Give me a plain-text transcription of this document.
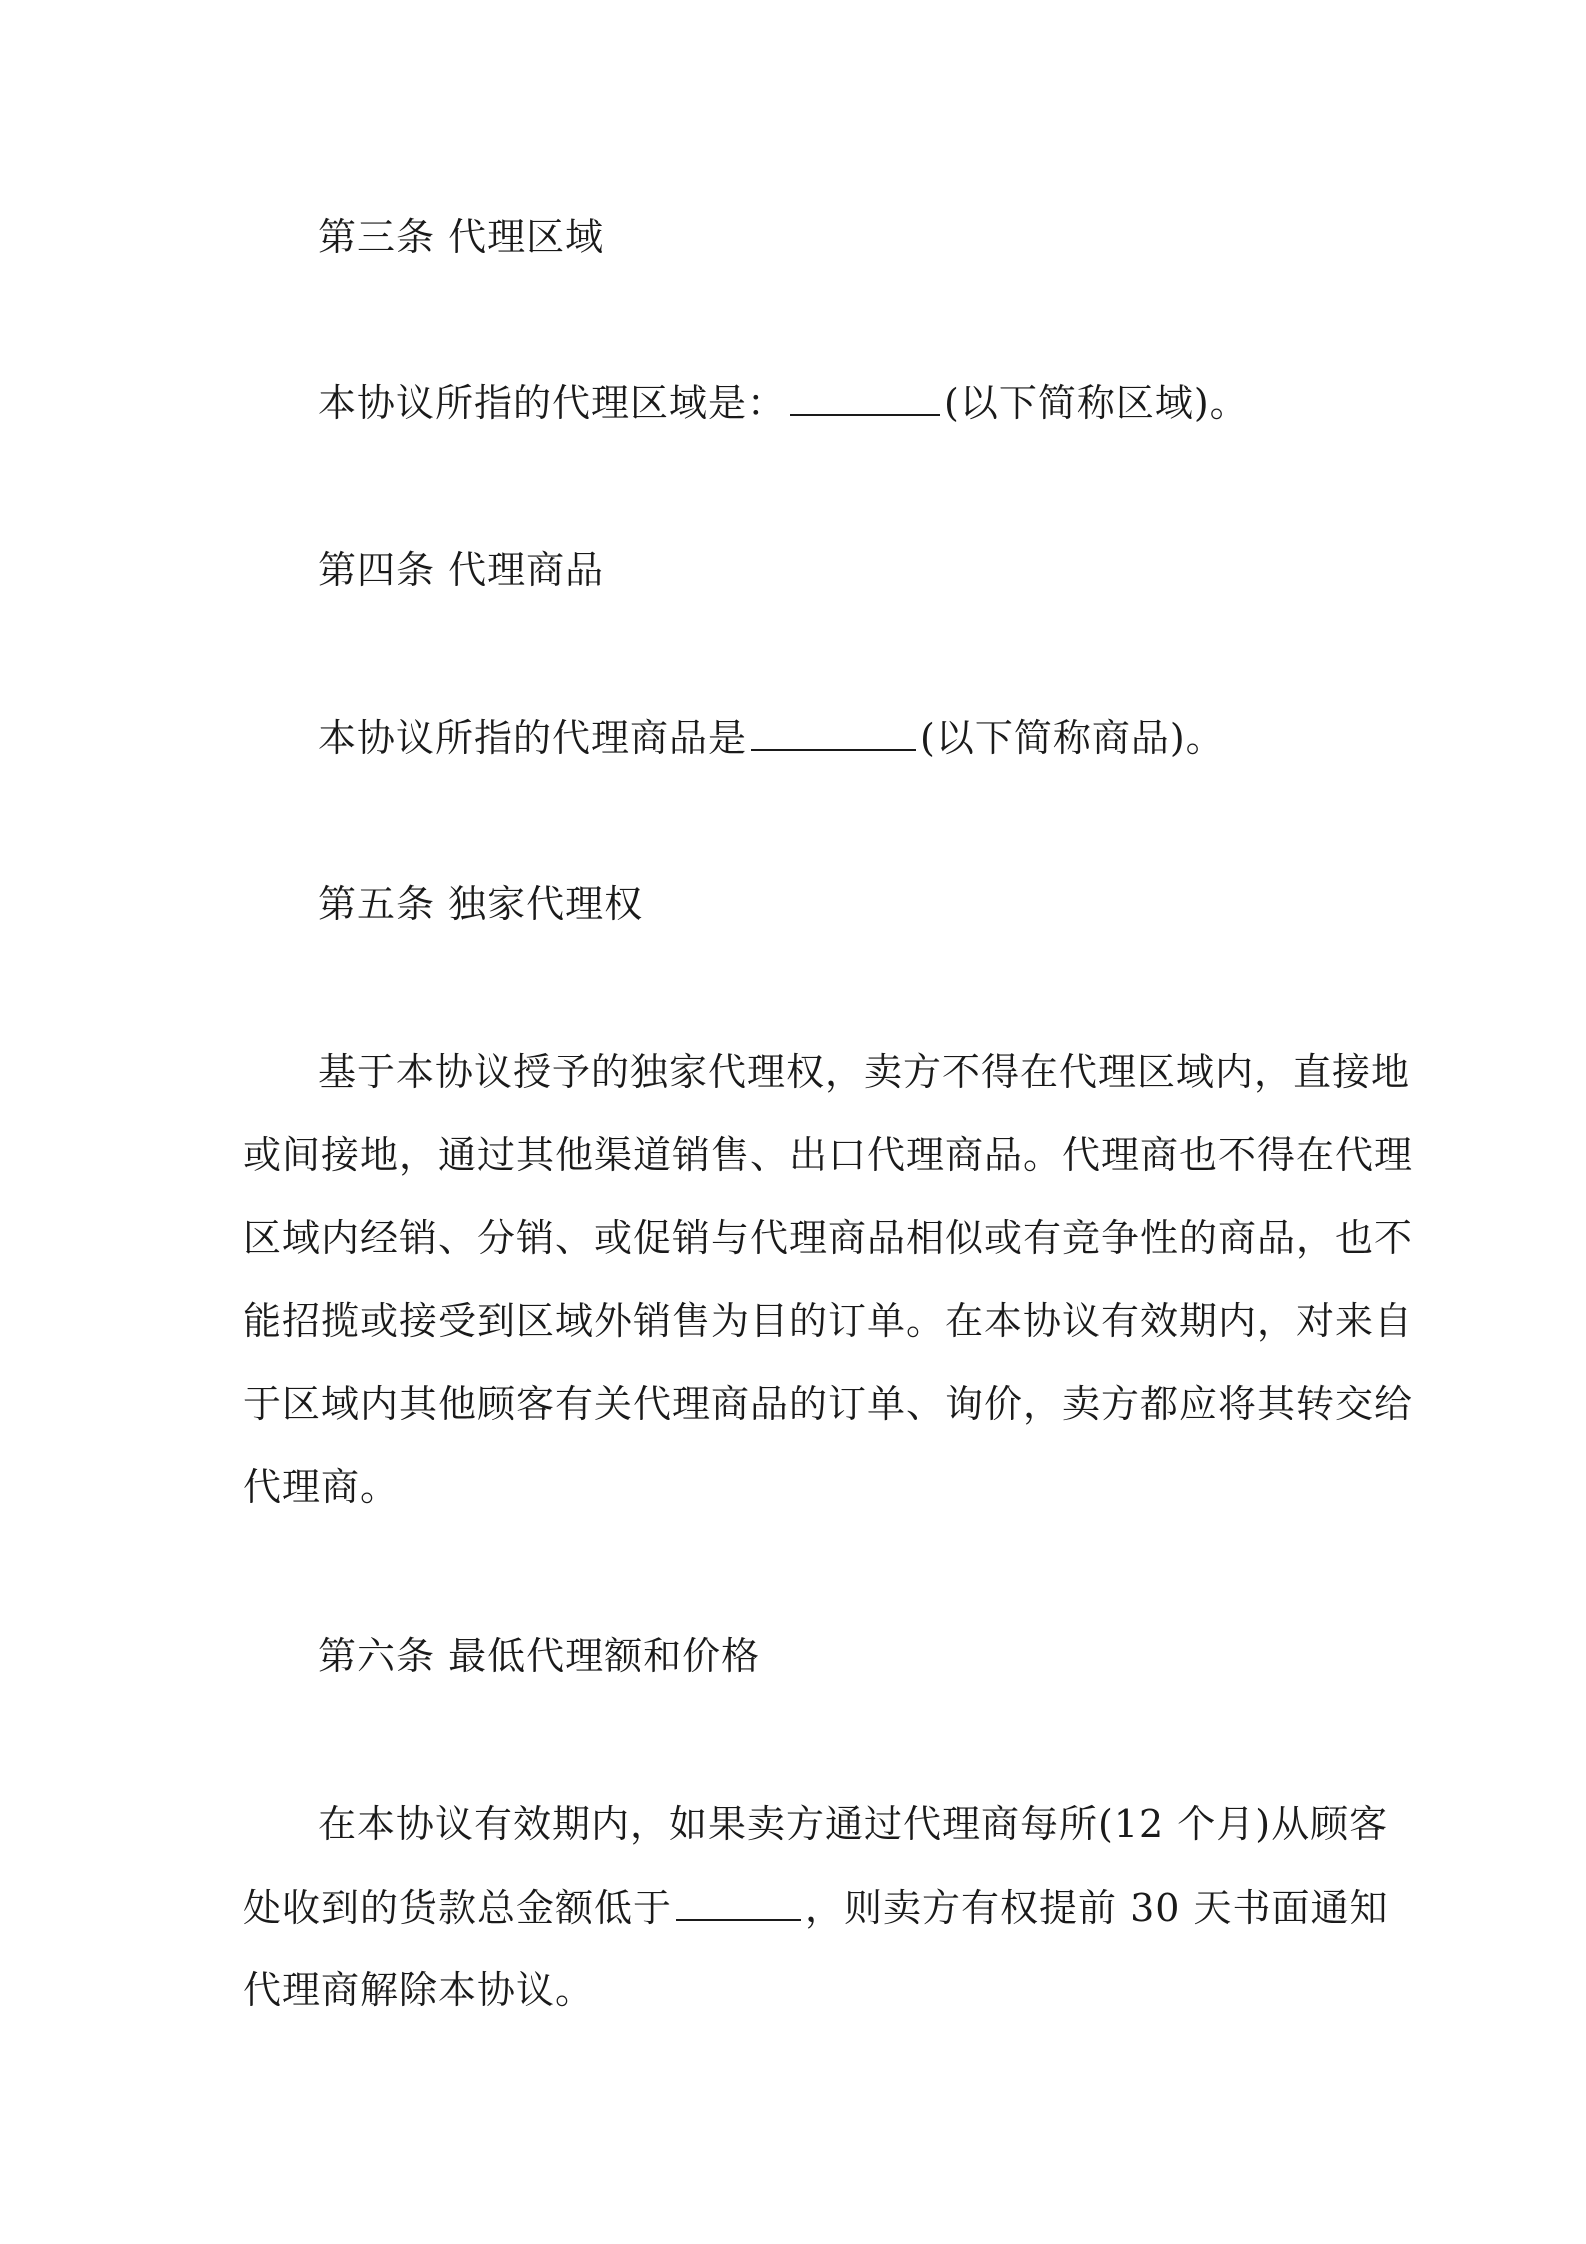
第三条 代理区域
本协议所指的代理区域是：	(以下简称区域)。
第四条 代理商品
本协议所指的代理商品是	(以下简称商品)。
第五条 独家代理权
基于本协议授予的独家代理权，卖方不得在代理区域内，直接地
或间接地，通过其他渠道销售、出口代理商品。代理商也不得在代理
区域内经销、分销、或促销与代理商品相似或有竞争性的商品，也不
能招揽或接受到区域外销售为目的订单。在本协议有效期内，对来自
于区域内其他顾客有关代理商品的订单、询价，卖方都应将其转交给
代理商。
第六条 最低代理额和价格
在本协议有效期内，如果卖方通过代理商每所(12 个月)从顾客
处收到的货款总金额低于	，则卖方有权提前 30 天书面通知
代理商解除本协议。
